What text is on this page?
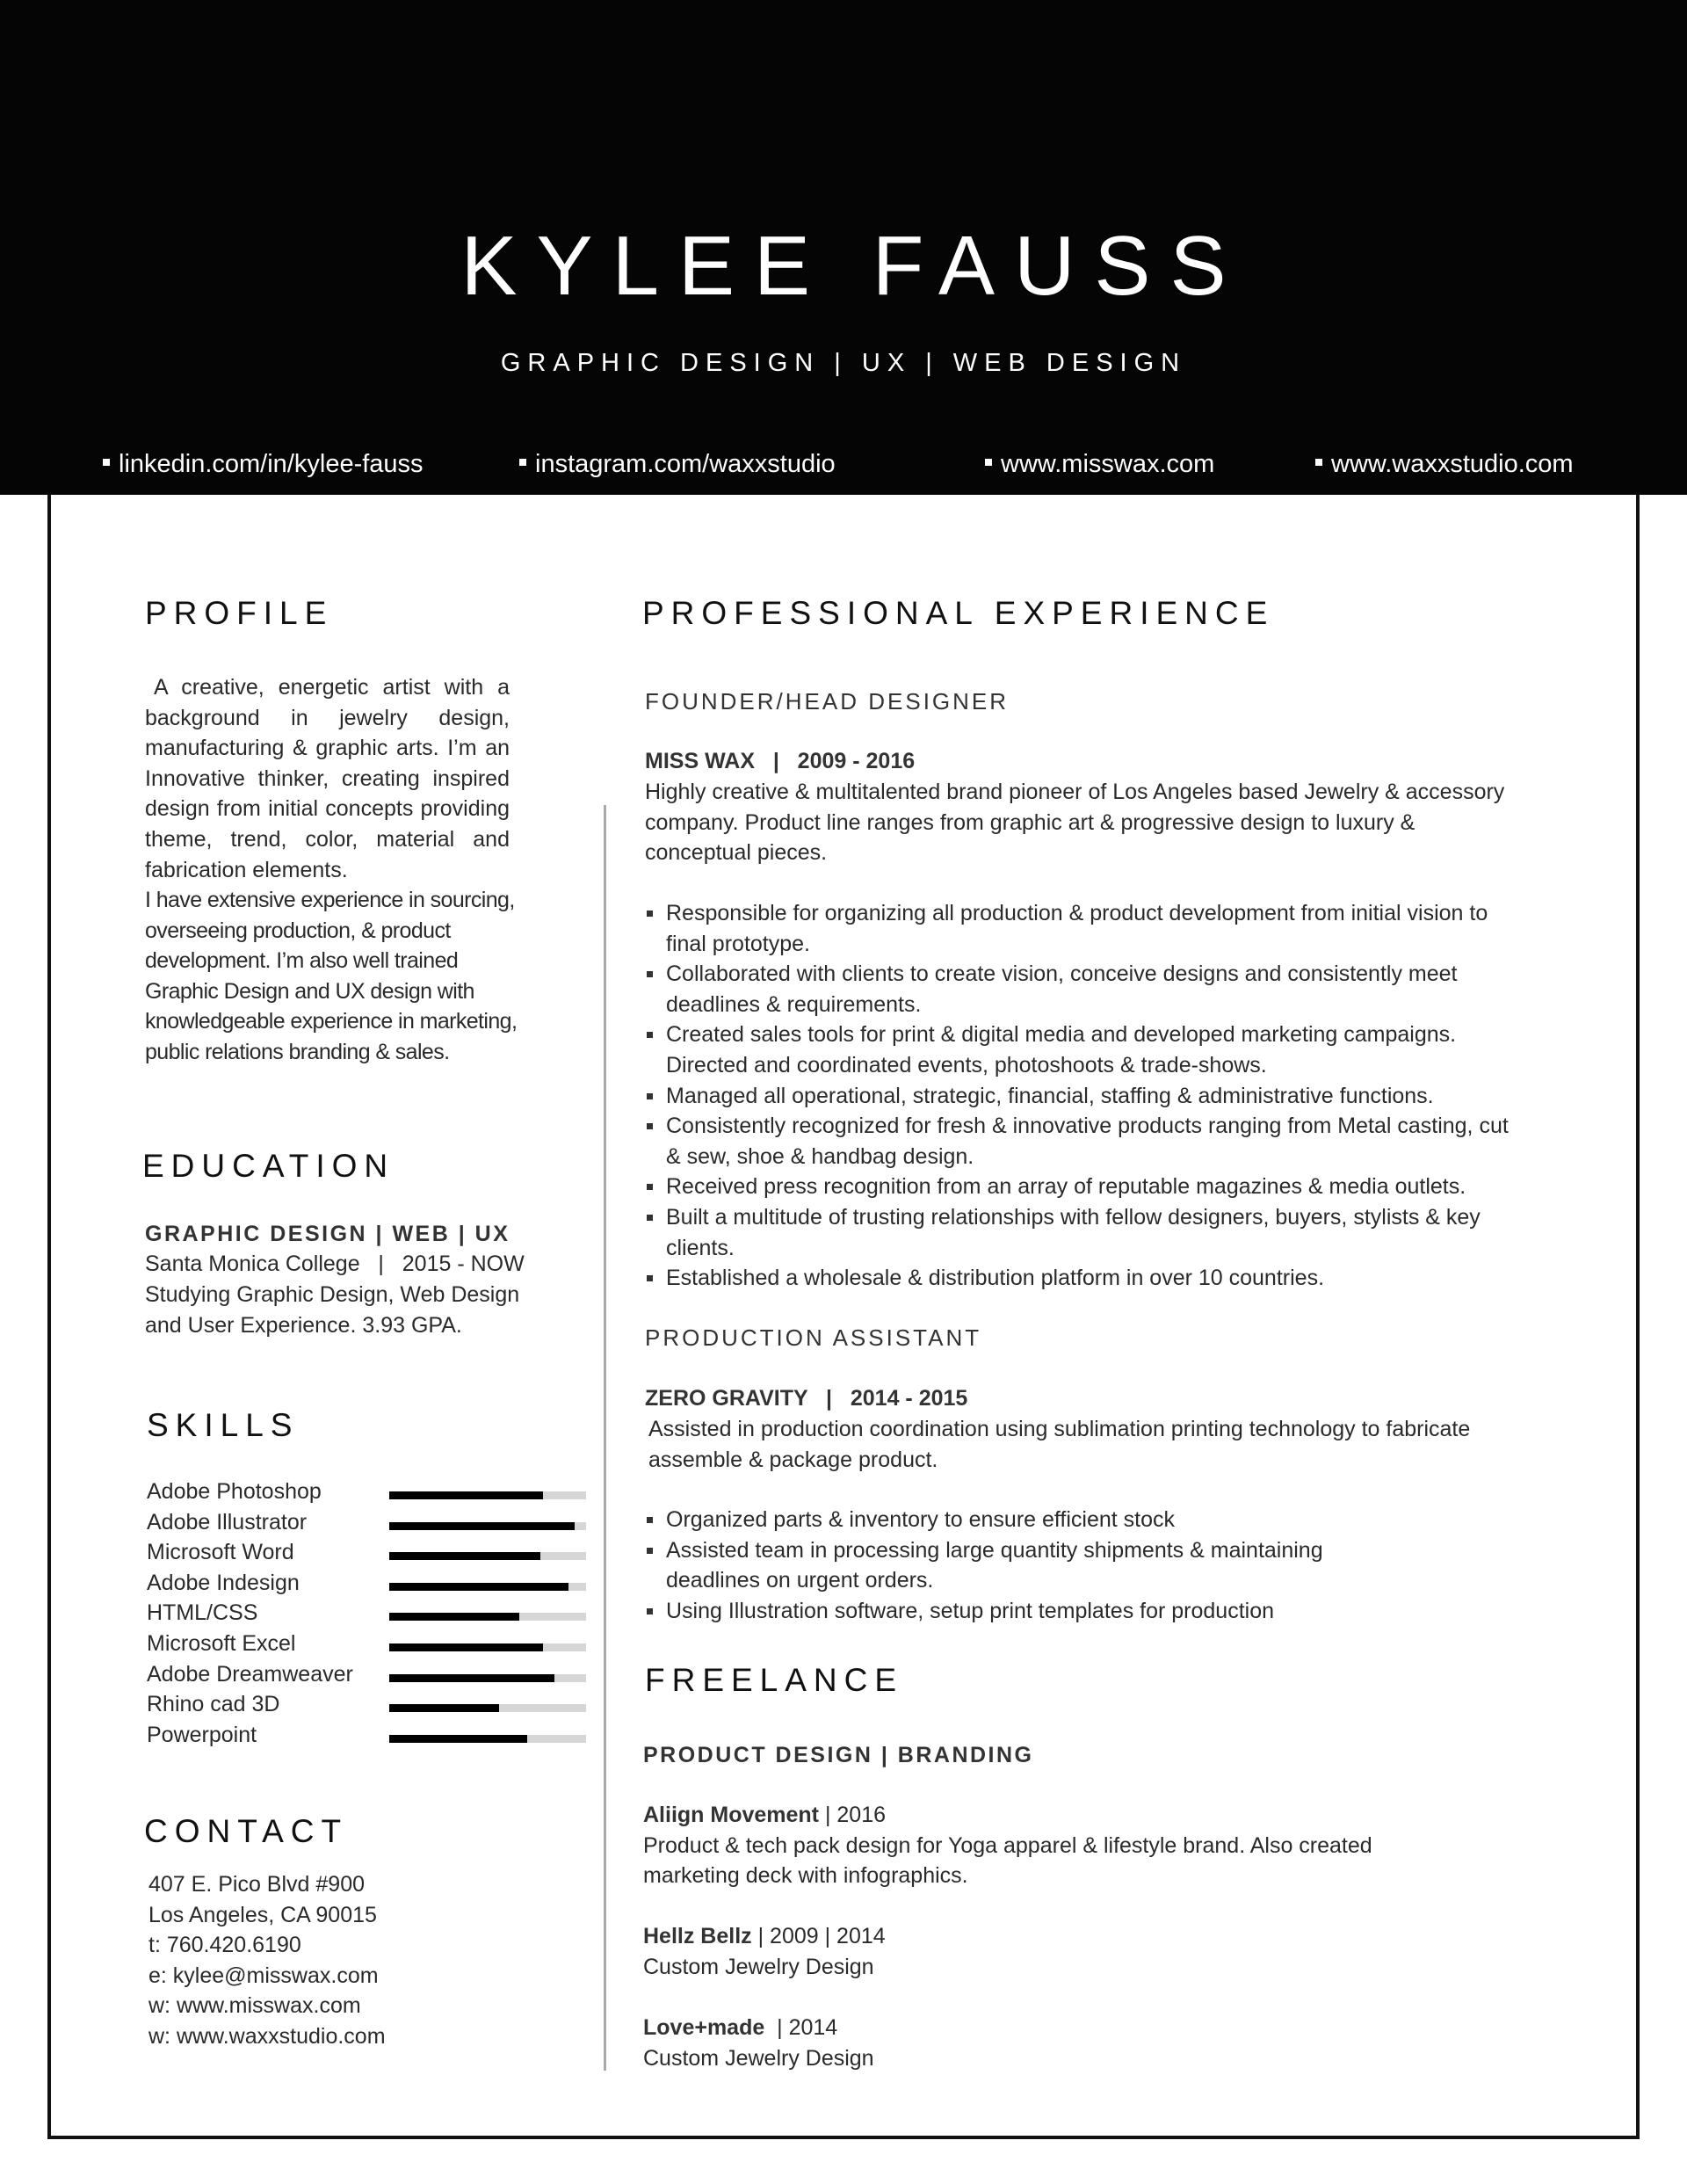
KYLEE FAUSS
GRAPHIC DESIGN | UX | WEB DESIGN
linkedin.com/in/kylee-fauss	instagram.com/waxxstudio	www.misswax.com	www.waxxstudio.com
PROFILE
A creative, energetic artist with a background in jewelry design, manufacturing & graphic arts. I’m an Innovative thinker, creating inspired design from initial concepts providing theme, trend, color, material and fabrication elements.
I have extensive experience in sourcing, overseeing production, & product development. I’m also well trained Graphic Design and UX design with knowledgeable experience in marketing, public relations branding & sales.
EDUCATION
GRAPHIC DESIGN | WEB | UX
Santa Monica College   |   2015 - NOW
Studying Graphic Design, Web Design and User Experience. 3.93 GPA.
SKILLS
Adobe Photoshop
Adobe Illustrator
Microsoft Word
Adobe Indesign
HTML/CSS
Microsoft Excel
Adobe Dreamweaver
Rhino cad 3D
Powerpoint
CONTACT
407 E. Pico Blvd #900
Los Angeles, CA 90015
t: 760.420.6190
e: kylee@misswax.com
w: www.misswax.com
w: www.waxxstudio.com
PROFESSIONAL EXPERIENCE
FOUNDER/HEAD DESIGNER
MISS WAX   |   2009 - 2016
Highly creative & multitalented brand pioneer of Los Angeles based Jewelry & accessory company. Product line ranges from graphic art & progressive design to luxury & conceptual pieces.
Responsible for organizing all production & product development from initial vision to final prototype.
Collaborated with clients to create vision, conceive designs and consistently meet deadlines & requirements.
Created sales tools for print & digital media and developed marketing campaigns. Directed and coordinated events, photoshoots & trade-shows.
Managed all operational, strategic, financial, staffing & administrative functions.
Consistently recognized for fresh & innovative products ranging from Metal casting, cut & sew, shoe & handbag design.
Received press recognition from an array of reputable magazines & media outlets.
Built a multitude of trusting relationships with fellow designers, buyers, stylists & key clients.
Established a wholesale & distribution platform in over 10 countries.
PRODUCTION ASSISTANT
ZERO GRAVITY   |   2014 - 2015
Assisted in production coordination using sublimation printing technology to fabricate assemble & package product.
Organized parts & inventory to ensure efficient stock
Assisted team in processing large quantity shipments & maintaining deadlines on urgent orders.
Using Illustration software, setup print templates for production
FREELANCE
PRODUCT DESIGN | BRANDING
Aliign Movement | 2016
Product & tech pack design for Yoga apparel & lifestyle brand. Also created marketing deck with infographics.
Hellz Bellz | 2009 | 2014
Custom Jewelry Design
Love+made  | 2014
Custom Jewelry Design
